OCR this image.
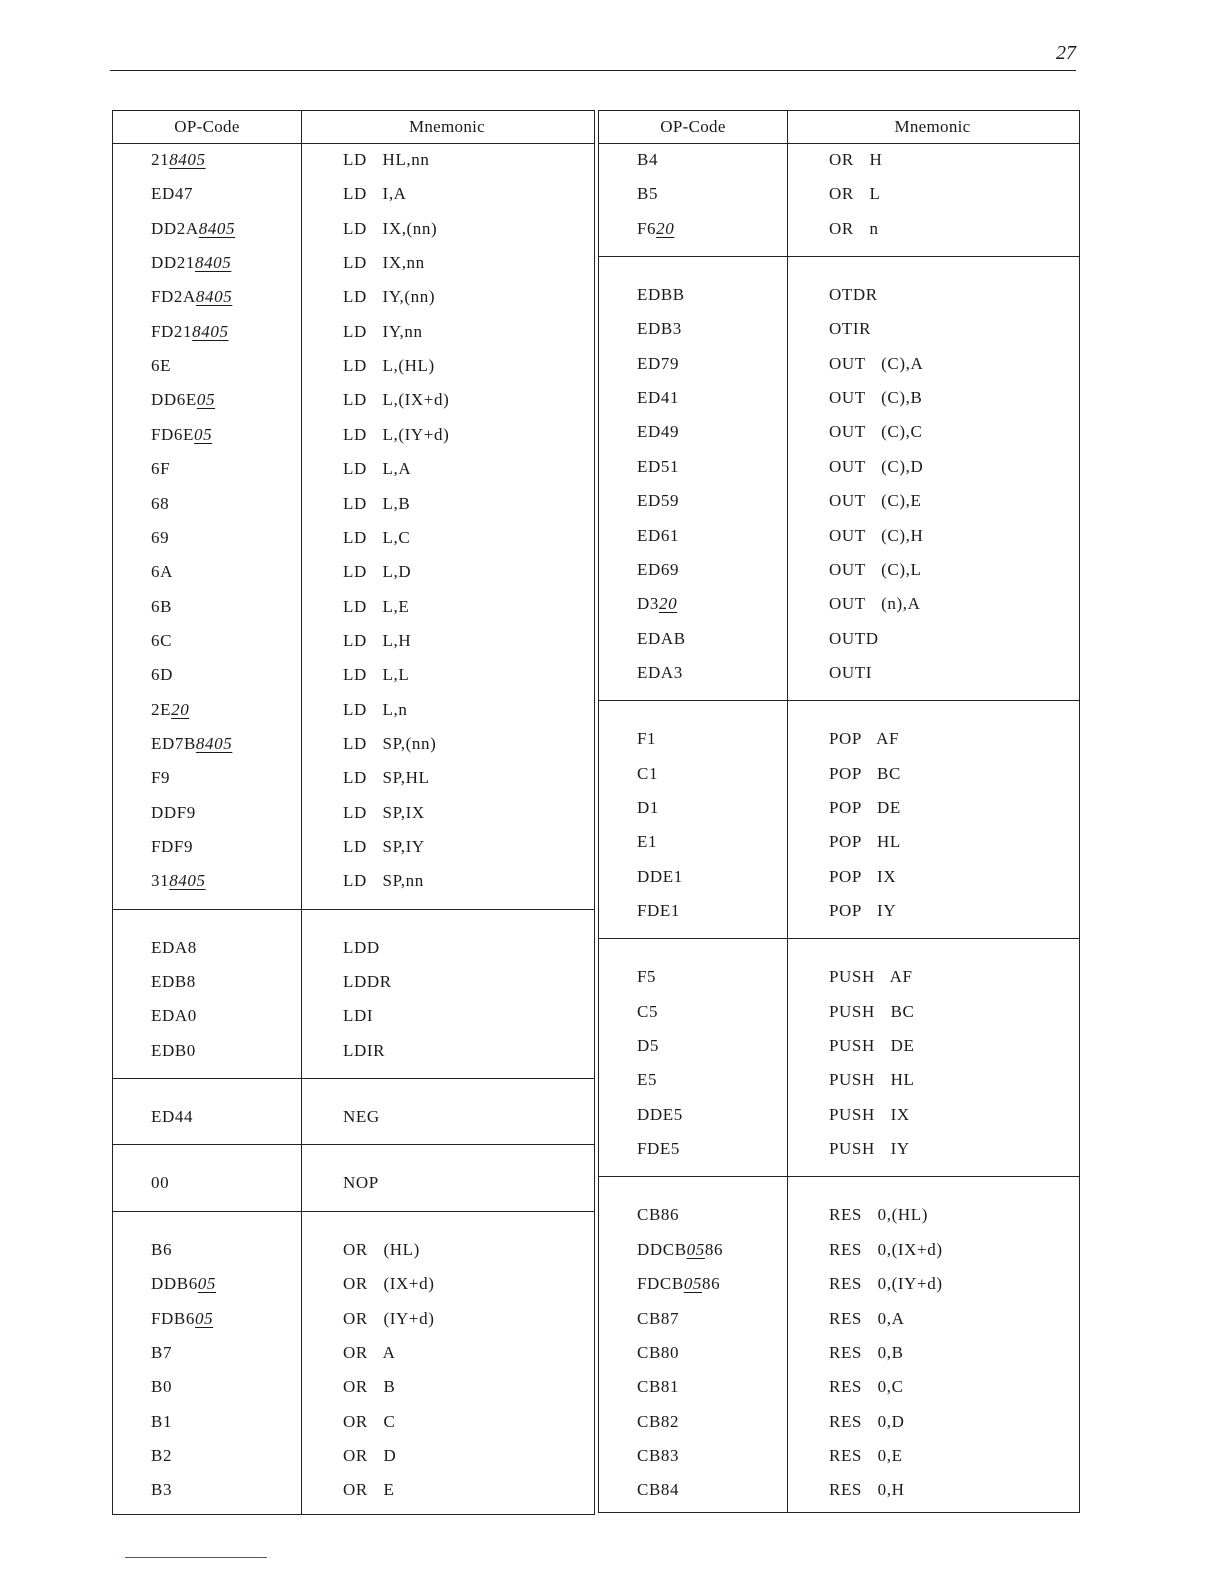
27
OP-Code	Mnemonic
218405	LD  HL,nn
ED47	LD  I,A
DD2A8405	LD  IX,(nn)
DD218405	LD  IX,nn
FD2A8405	LD  IY,(nn)
FD218405	LD  IY,nn
6E	LD  L,(HL)
DD6E05	LD  L,(IX+d)
FD6E05	LD  L,(IY+d)
6F	LD  L,A
68	LD  L,B
69	LD  L,C
6A	LD  L,D
6B	LD  L,E
6C	LD  L,H
6D	LD  L,L
2E20	LD  L,n
ED7B8405	LD  SP,(nn)
F9	LD  SP,HL
DDF9	LD  SP,IX
FDF9	LD  SP,IY
318405	LD  SP,nn
EDA8	LDD
EDB8	LDDR
EDA0	LDI
EDB0	LDIR
ED44	NEG
00	NOP
B6	OR  (HL)
DDB605	OR  (IX+d)
FDB605	OR  (IY+d)
B7	OR  A
B0	OR  B
B1	OR  C
B2	OR  D
B3	OR  E
OP-Code	Mnemonic
B4	OR  H
B5	OR  L
F620	OR  n
EDBB	OTDR
EDB3	OTIR
ED79	OUT  (C),A
ED41	OUT  (C),B
ED49	OUT  (C),C
ED51	OUT  (C),D
ED59	OUT  (C),E
ED61	OUT  (C),H
ED69	OUT  (C),L
D320	OUT  (n),A
EDAB	OUTD
EDA3	OUTI
F1	POP  AF
C1	POP  BC
D1	POP  DE
E1	POP  HL
DDE1	POP  IX
FDE1	POP  IY
F5	PUSH  AF
C5	PUSH  BC
D5	PUSH  DE
E5	PUSH  HL
DDE5	PUSH  IX
FDE5	PUSH  IY
CB86	RES  0,(HL)
DDCB0586	RES  0,(IX+d)
FDCB0586	RES  0,(IY+d)
CB87	RES  0,A
CB80	RES  0,B
CB81	RES  0,C
CB82	RES  0,D
CB83	RES  0,E
CB84	RES  0,H
